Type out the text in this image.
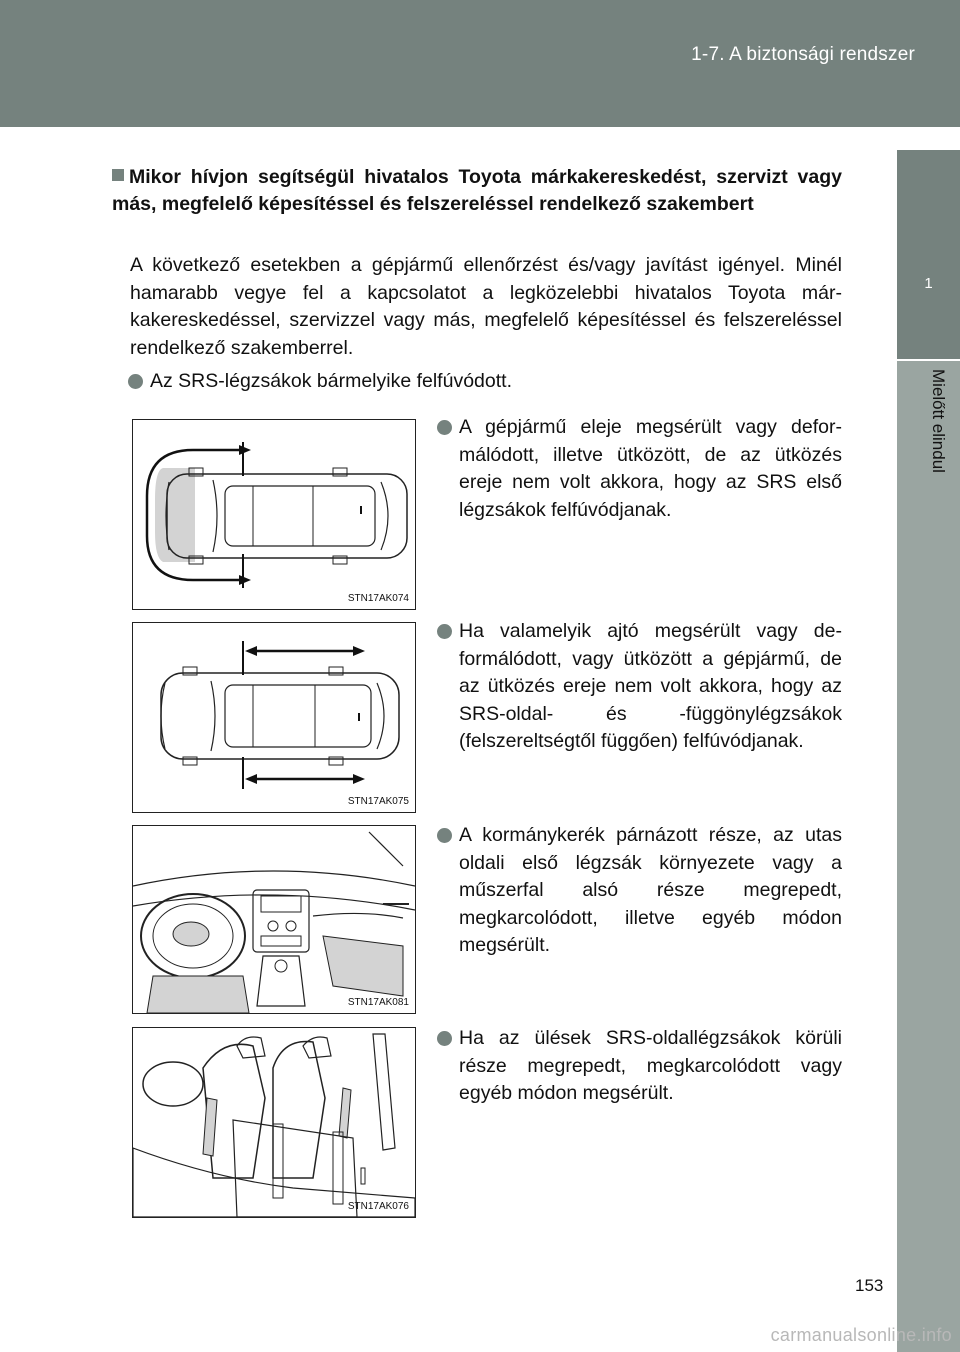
1-7. A biztonsági rendszer
1
Mielőtt elindul
Mikor hívjon segítségül hivatalos Toyota márkakereskedést, szervizt vagy más, megfelelő képesítéssel és felszereléssel rendelkező szakembert
A következő esetekben a gépjármű ellenőrzést és/vagy javítást igényel. Minél hamarabb vegye fel a kapcsolatot a legközelebbi hivatalos Toyota márkakereskedéssel, szervizzel vagy más, megfelelő képesítéssel és felszereléssel rendelkező szakemberrel.
Az SRS-légzsákok bármelyike felfúvódott.
A gépjármű eleje megsérült vagy deformálódott, illetve ütközött, de az ütközés ereje nem volt akkora, hogy az SRS első légzsákok felfúvódjanak.
Ha valamelyik ajtó megsérült vagy deformálódott, vagy ütközött a gépjármű, de az ütközés ereje nem volt akkora, hogy az SRS-oldal- és -függönylégzsákok (felszereltségtől függően) felfúvódjanak.
A kormánykerék párnázott része, az utas oldali első légzsák környezete vagy a műszerfal alsó része megrepedt, megkarcolódott, illetve egyéb módon megsérült.
Ha az ülések SRS-oldallégzsákok körüli része megrepedt, megkarcolódott vagy egyéb módon megsérült.
STN17AK074
STN17AK075
STN17AK081
STN17AK076
153
carmanualsonline.info
